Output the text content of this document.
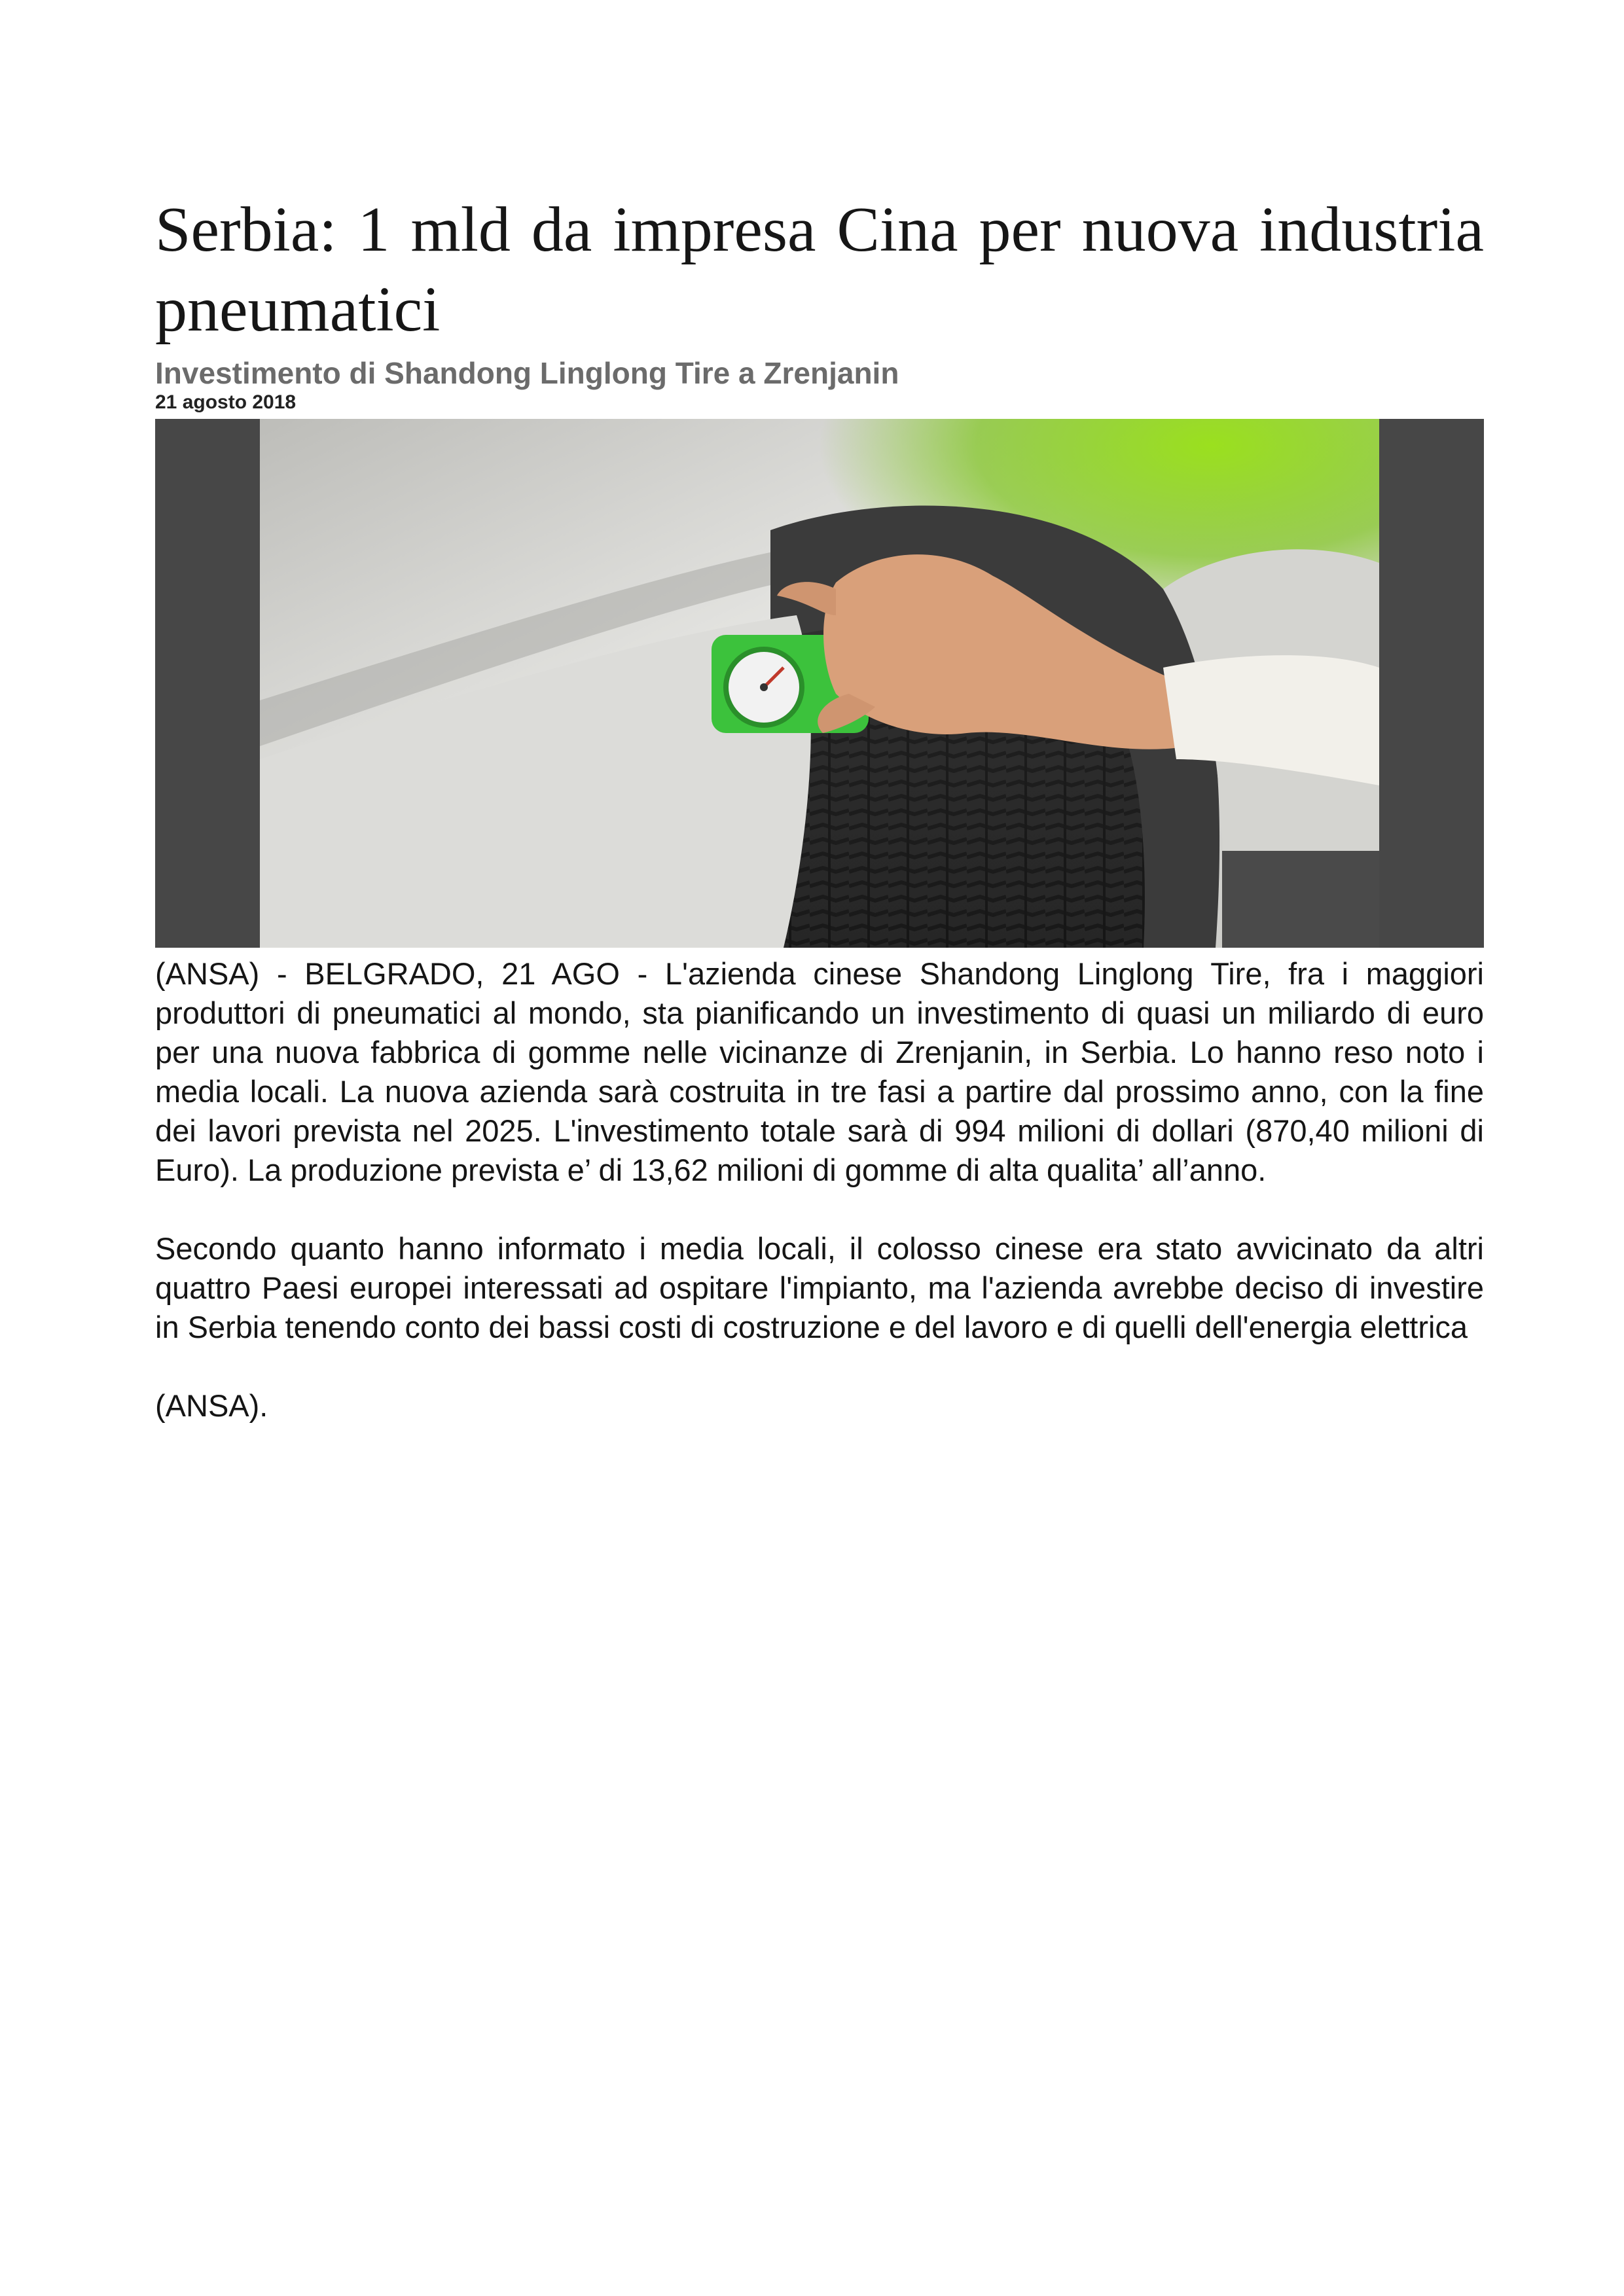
Serbia: 1 mld da impresa Cina per nuova industria pneumatici
Investimento di Shandong Linglong Tire a Zrenjanin
21 agosto 2018

(ANSA) - BELGRADO, 21 AGO - L'azienda cinese Shandong Linglong Tire, fra i maggiori produttori di pneumatici al mondo, sta pianificando un investimento di quasi un miliardo di euro per una nuova fabbrica di gomme nelle vicinanze di Zrenjanin, in Serbia. Lo hanno reso noto i media locali. La nuova azienda sarà costruita in tre fasi a partire dal prossimo anno, con la fine dei lavori prevista nel 2025. L'investimento totale sarà di 994 milioni di dollari (870,40 milioni di Euro). La produzione prevista e’ di 13,62 milioni di gomme di alta qualita’ all’anno.

Secondo quanto hanno informato i media locali, il colosso cinese era stato avvicinato da altri quattro Paesi europei interessati ad ospitare l'impianto, ma l'azienda avrebbe deciso di investire in Serbia tenendo conto dei bassi costi di costruzione e del lavoro e di quelli dell'energia elettrica

(ANSA).
